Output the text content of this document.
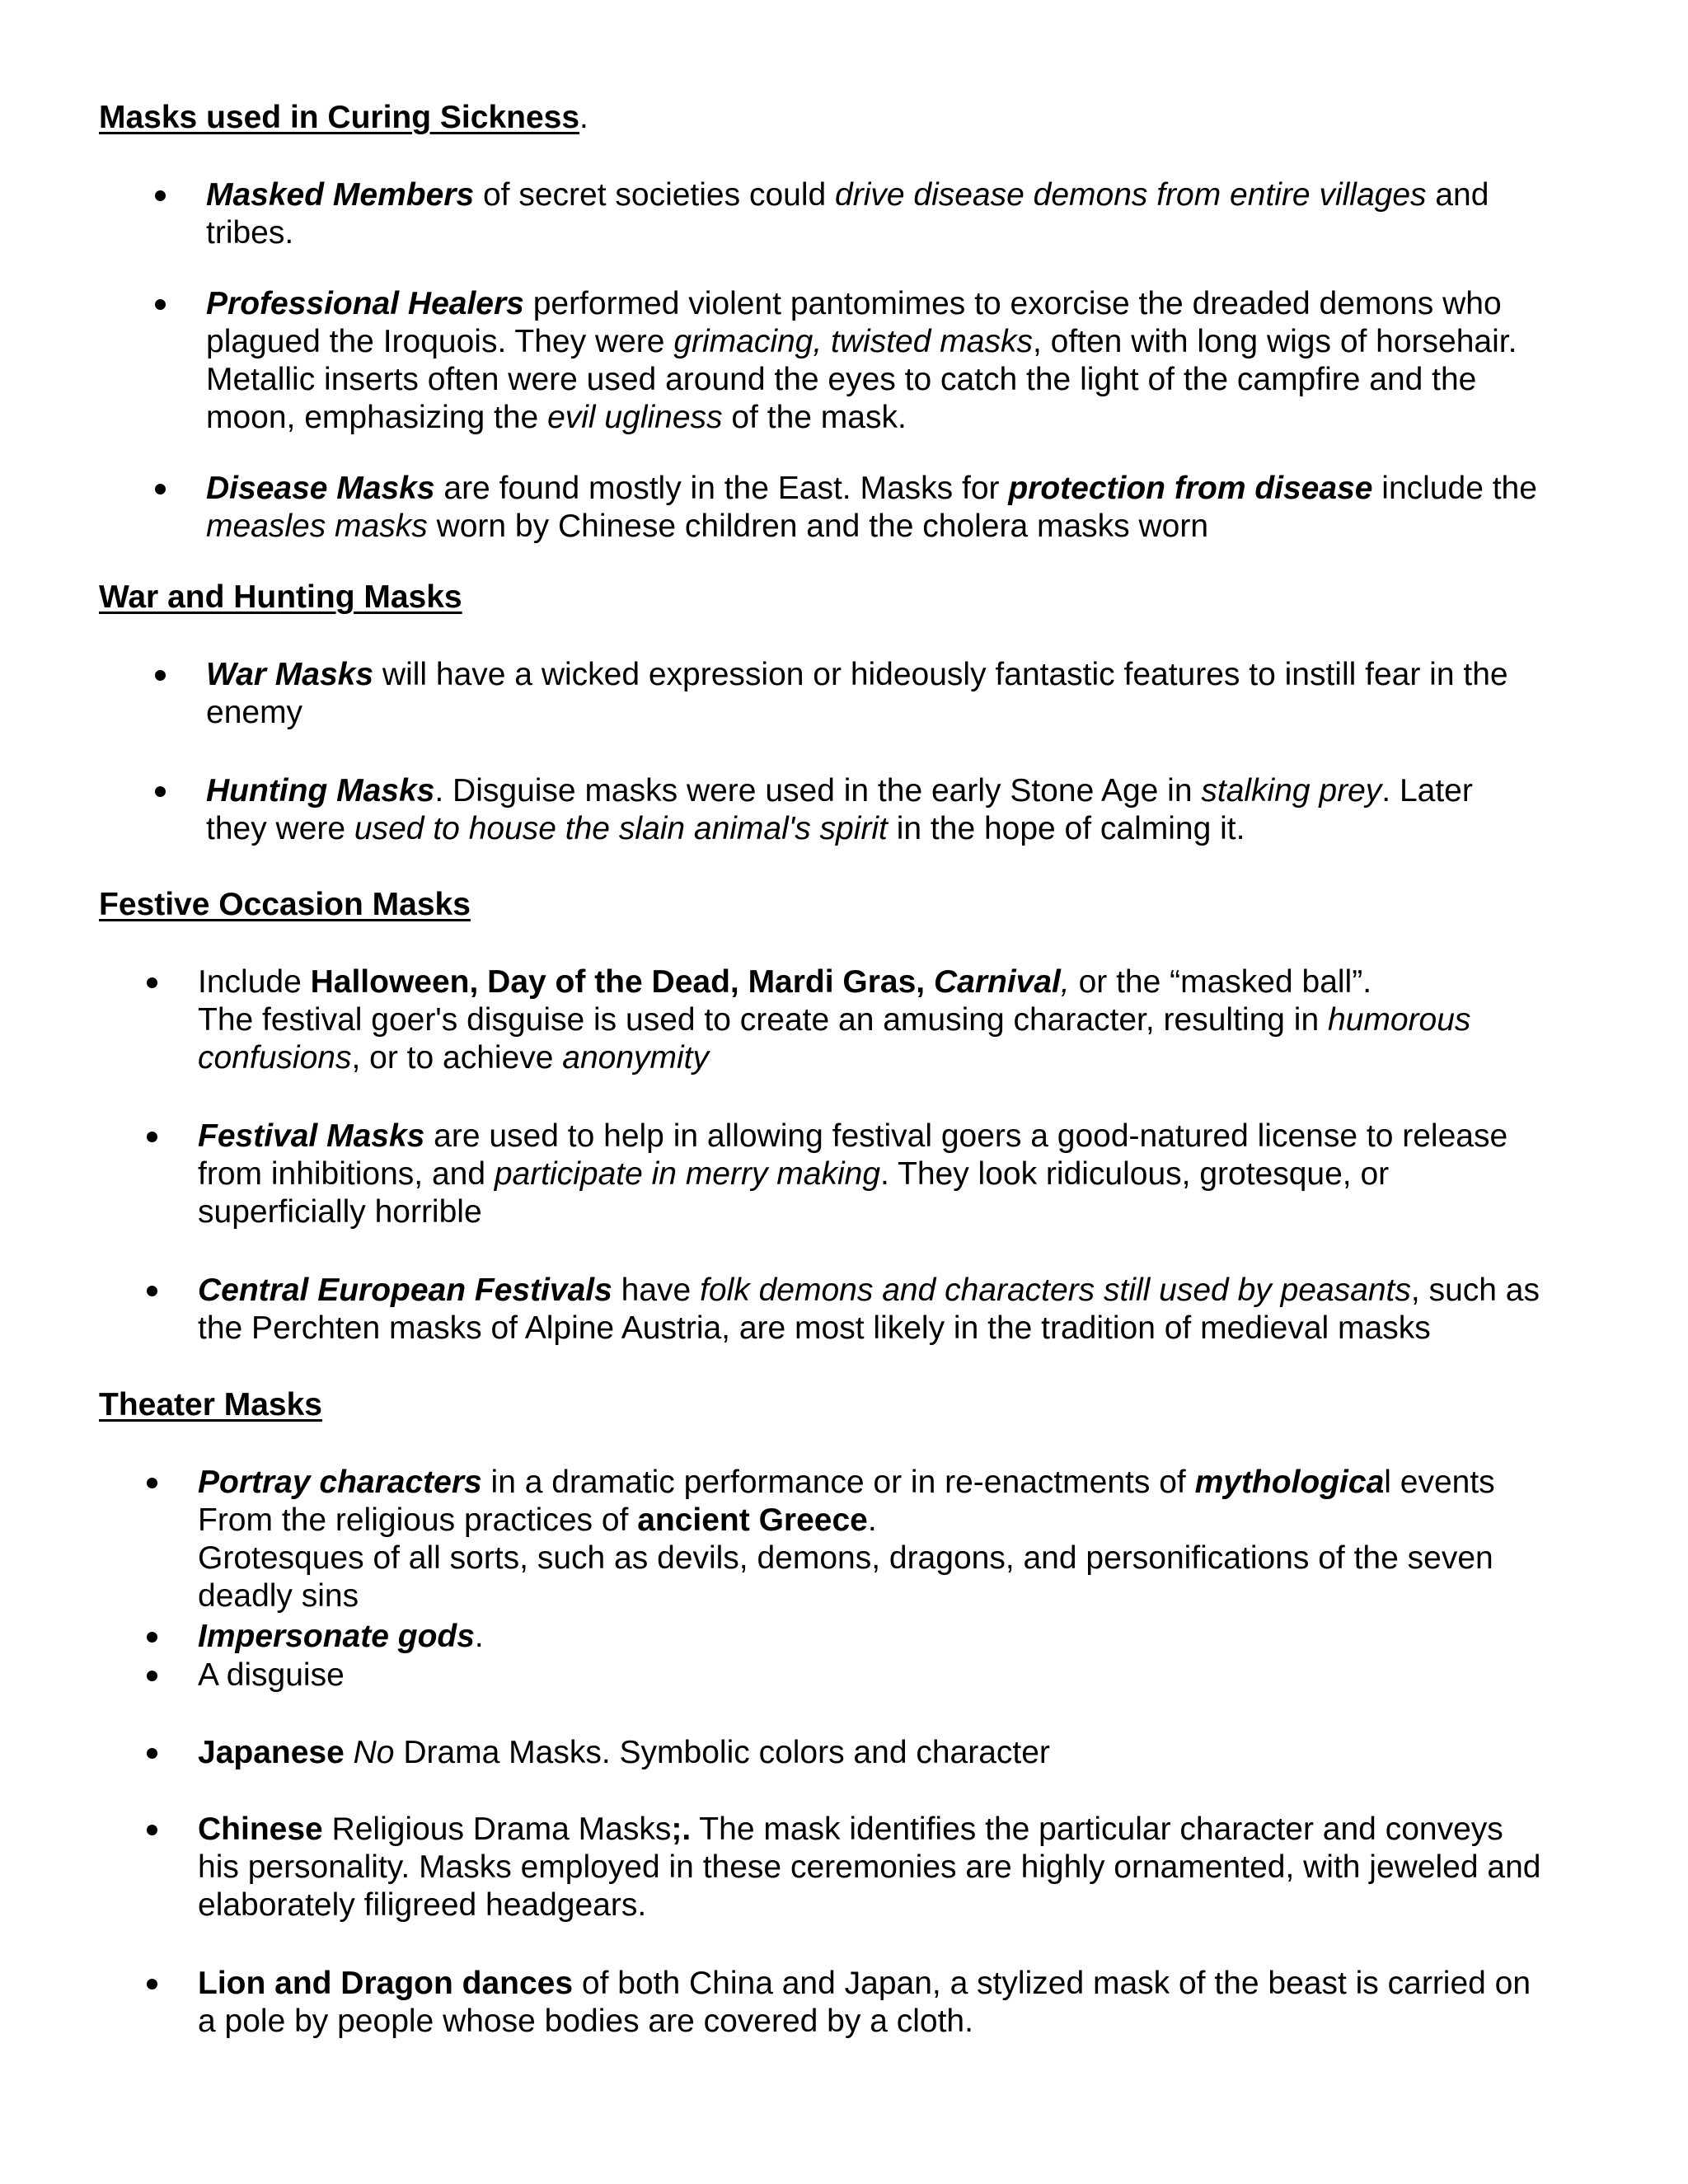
Masks used in Curing Sickness.
Masked Members of secret societies could drive disease demons from entire villages and
tribes.
Professional Healers performed violent pantomimes to exorcise the dreaded demons who
plagued the Iroquois. They were grimacing, twisted masks, often with long wigs of horsehair.
Metallic inserts often were used around the eyes to catch the light of the campfire and the
moon, emphasizing the evil ugliness of the mask.
Disease Masks are found mostly in the East. Masks for protection from disease include the
measles masks worn by Chinese children and the cholera masks worn
War and Hunting Masks
War Masks will have a wicked expression or hideously fantastic features to instill fear in the
enemy
Hunting Masks. Disguise masks were used in the early Stone Age in stalking prey. Later
they were used to house the slain animal's spirit in the hope of calming it.
Festive Occasion Masks
Include Halloween, Day of the Dead, Mardi Gras, Carnival, or the “masked ball”.
The festival goer's disguise is used to create an amusing character, resulting in humorous
confusions, or to achieve anonymity
Festival Masks are used to help in allowing festival goers a good-natured license to release
from inhibitions, and participate in merry making. They look ridiculous, grotesque, or
superficially horrible
Central European Festivals have folk demons and characters still used by peasants, such as
the Perchten masks of Alpine Austria, are most likely in the tradition of medieval masks
Theater Masks
Portray characters in a dramatic performance or in re-enactments of mythological events
From the religious practices of ancient Greece.
Grotesques of all sorts, such as devils, demons, dragons, and personifications of the seven
deadly sins
Impersonate gods.
A disguise
Japanese No Drama Masks. Symbolic colors and character
Chinese Religious Drama Masks;. The mask identifies the particular character and conveys
his personality. Masks employed in these ceremonies are highly ornamented, with jeweled and
elaborately filigreed headgears.
Lion and Dragon dances of both China and Japan, a stylized mask of the beast is carried on
a pole by people whose bodies are covered by a cloth.
